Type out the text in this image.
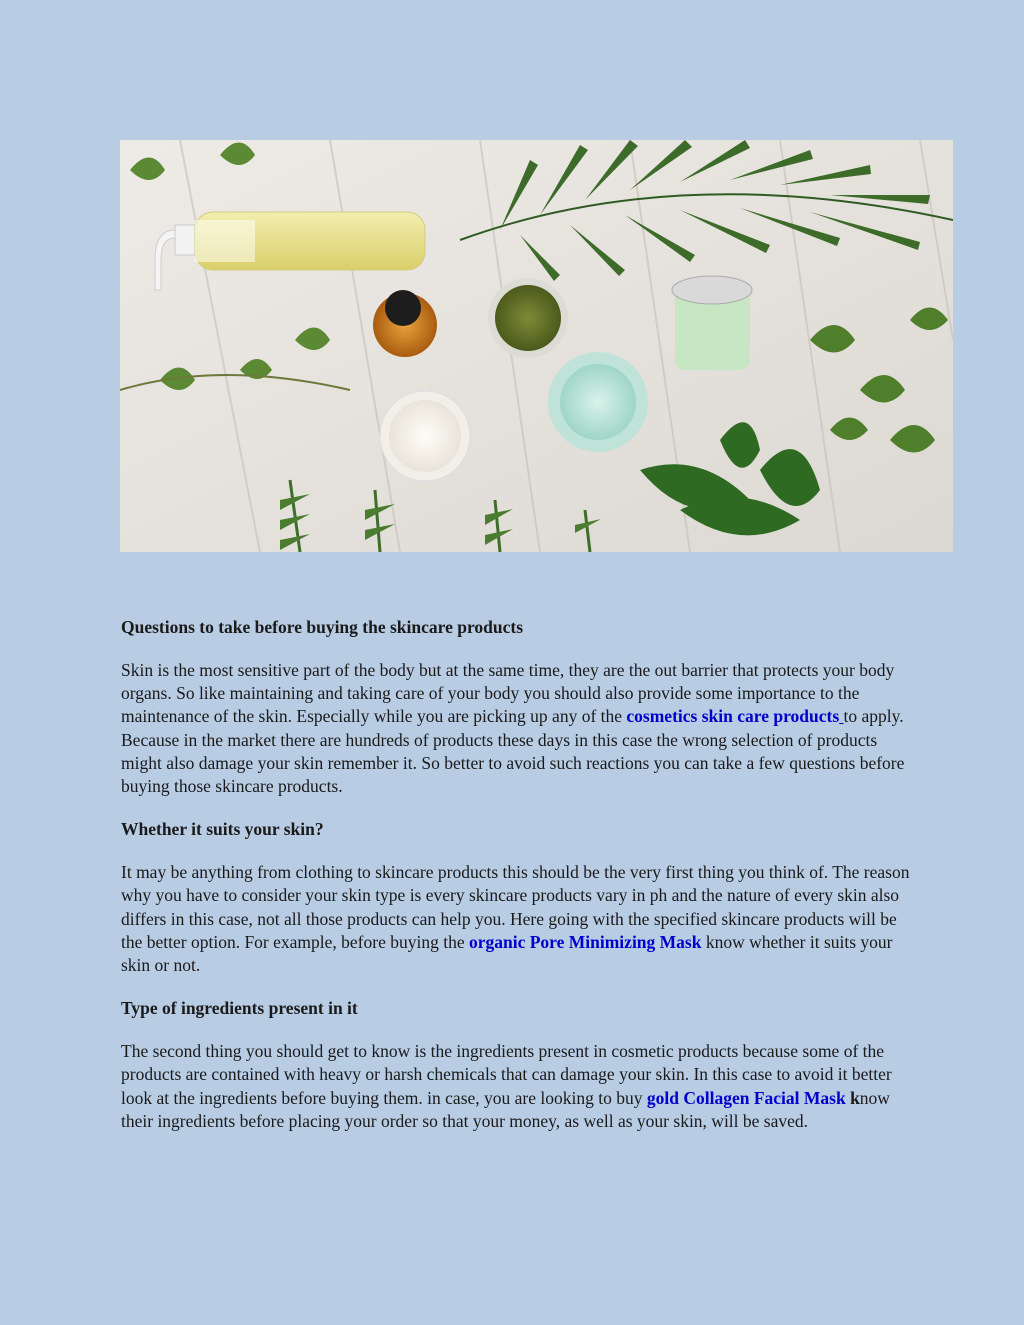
Questions to take before buying the skincare products

Skin is the most sensitive part of the body but at the same time, they are the out barrier that protects your body organs. So like maintaining and taking care of your body you should also provide some importance to the maintenance of the skin. Especially while you are picking up any of the cosmetics skin care products to apply. Because in the market there are hundreds of products these days in this case the wrong selection of products might also damage your skin remember it. So better to avoid such reactions you can take a few questions before buying those skincare products.

Whether it suits your skin?

It may be anything from clothing to skincare products this should be the very first thing you think of. The reason why you have to consider your skin type is every skincare products vary in ph and the nature of every skin also differs in this case, not all those products can help you. Here going with the specified skincare products will be the better option. For example, before buying the organic Pore Minimizing Mask know whether it suits your skin or not.

Type of ingredients present in it

The second thing you should get to know is the ingredients present in cosmetic products because some of the products are contained with heavy or harsh chemicals that can damage your skin. In this case to avoid it better look at the ingredients before buying them. in case, you are looking to buy gold Collagen Facial Mask know their ingredients before placing your order so that your money, as well as your skin, will be saved.
